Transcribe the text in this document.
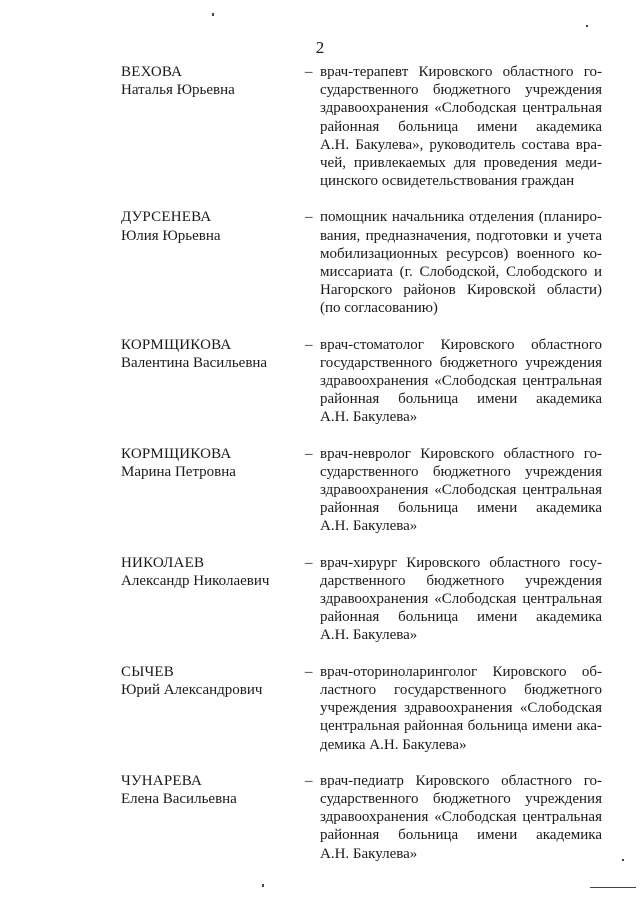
2
ВЕХОВА
Наталья Юрьевна
– врач-терапевт Кировского областного го-
сударственного бюджетного учреждения
здравоохранения «Слободская центральная
районная больница имени академика
А.Н. Бакулева», руководитель состава вра-
чей, привлекаемых для проведения меди-
цинского освидетельствования граждан
ДУРСЕНЕВА
Юлия Юрьевна
– помощник начальника отделения (планиро-
вания, предназначения, подготовки и учета
мобилизационных ресурсов) военного ко-
миссариата (г. Слободской, Слободского и
Нагорского районов Кировской области)
(по согласованию)
КОРМЩИКОВА
Валентина Васильевна
– врач-стоматолог Кировского областного
государственного бюджетного учреждения
здравоохранения «Слободская центральная
районная больница имени академика
А.Н. Бакулева»
КОРМЩИКОВА
Марина Петровна
– врач-невролог Кировского областного го-
сударственного бюджетного учреждения
здравоохранения «Слободская центральная
районная больница имени академика
А.Н. Бакулева»
НИКОЛАЕВ
Александр Николаевич
– врач-хирург Кировского областного госу-
дарственного бюджетного учреждения
здравоохранения «Слободская центральная
районная больница имени академика
А.Н. Бакулева»
СЫЧЕВ
Юрий Александрович
– врач-оториноларинголог Кировского об-
ластного государственного бюджетного
учреждения здравоохранения «Слободская
центральная районная больница имени ака-
демика А.Н. Бакулева»
ЧУНАРЕВА
Елена Васильевна
– врач-педиатр Кировского областного го-
сударственного бюджетного учреждения
здравоохранения «Слободская центральная
районная больница имени академика
А.Н. Бакулева»
